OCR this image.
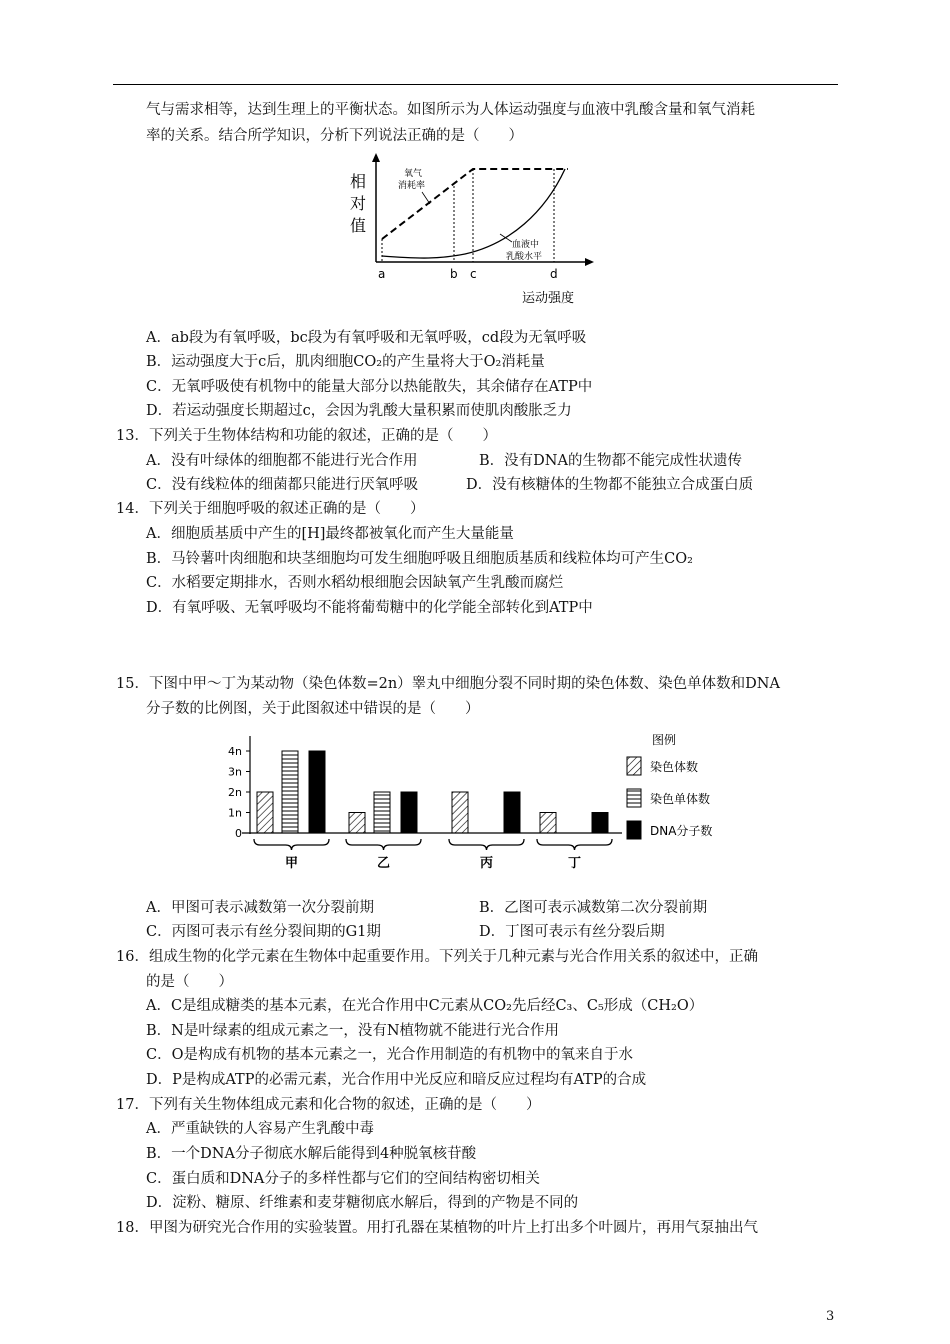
气与需求相等，达到生理上的平衡状态。如图所示为人体运动强度与血液中乳酸含量和氧气消耗
率的关系。结合所学知识，分析下列说法正确的是（　　）
相
对
值
氧气
消耗率
血液中
乳酸水平
a	b c	d
运动强度
A．ab段为有氧呼吸，bc段为有氧呼吸和无氧呼吸，cd段为无氧呼吸
B．运动强度大于c后，肌肉细胞CO₂的产生量将大于O₂消耗量
C．无氧呼吸使有机物中的能量大部分以热能散失，其余储存在ATP中
D．若运动强度长期超过c，会因为乳酸大量积累而使肌肉酸胀乏力
13．下列关于生物体结构和功能的叙述，正确的是（　　）
A．没有叶绿体的细胞都不能进行光合作用	B．没有DNA的生物都不能完成性状遗传
C．没有线粒体的细菌都只能进行厌氧呼吸	D．没有核糖体的生物都不能独立合成蛋白质
14．下列关于细胞呼吸的叙述正确的是（　　）
A．细胞质基质中产生的[H]最终都被氧化而产生大量能量
B．马铃薯叶肉细胞和块茎细胞均可发生细胞呼吸且细胞质基质和线粒体均可产生CO₂
C．水稻要定期排水，否则水稻幼根细胞会因缺氧产生乳酸而腐烂
D．有氧呼吸、无氧呼吸均不能将葡萄糖中的化学能全部转化到ATP中
15．下图中甲～丁为某动物（染色体数=2n）睾丸中细胞分裂不同时期的染色体数、染色单体数和DNA
分子数的比例图，关于此图叙述中错误的是（　　）
0
1n
2n
3n
4n
甲	乙	丙	丁
图例
染色体数
染色单体数
DNA分子数
A．甲图可表示减数第一次分裂前期	B．乙图可表示减数第二次分裂前期
C．丙图可表示有丝分裂间期的G1期	D．丁图可表示有丝分裂后期
16．组成生物的化学元素在生物体中起重要作用。下列关于几种元素与光合作用关系的叙述中，正确
的是（　　）
A．C是组成糖类的基本元素，在光合作用中C元素从CO₂先后经C₃、C₅形成（CH₂O）
B．N是叶绿素的组成元素之一，没有N植物就不能进行光合作用
C．O是构成有机物的基本元素之一，光合作用制造的有机物中的氧来自于水
D．P是构成ATP的必需元素，光合作用中光反应和暗反应过程均有ATP的合成
17．下列有关生物体组成元素和化合物的叙述，正确的是（　　）
A．严重缺铁的人容易产生乳酸中毒
B．一个DNA分子彻底水解后能得到4种脱氧核苷酸
C．蛋白质和DNA分子的多样性都与它们的空间结构密切相关
D．淀粉、糖原、纤维素和麦芽糖彻底水解后，得到的产物是不同的
18．甲图为研究光合作用的实验装置。用打孔器在某植物的叶片上打出多个叶圆片，再用气泵抽出气
3
